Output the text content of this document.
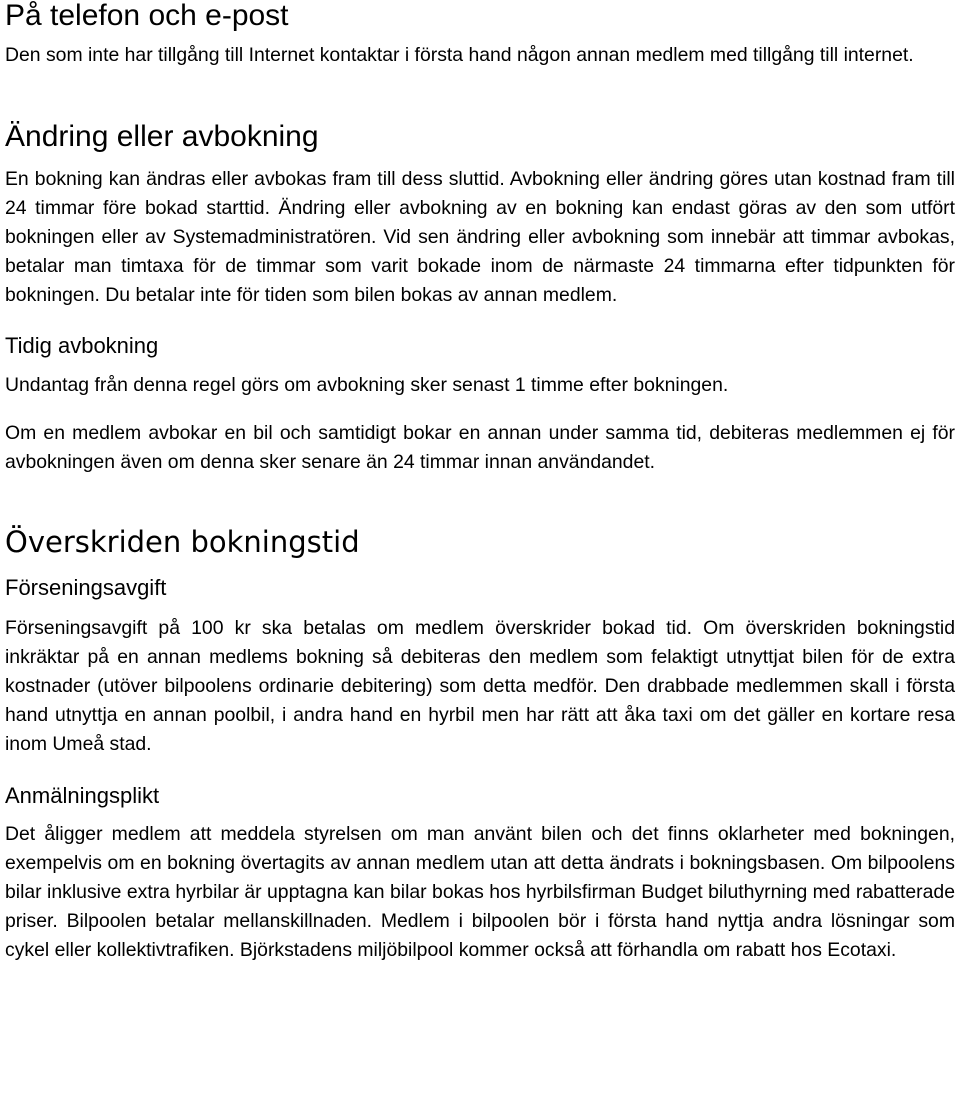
På telefon och e-post

Den som inte har tillgång till Internet kontaktar i första hand någon annan medlem med tillgång till internet.

Ändring eller avbokning

En bokning kan ändras eller avbokas fram till dess sluttid. Avbokning eller ändring göres utan kostnad fram till 24 timmar före bokad starttid. Ändring eller avbokning av en bokning kan endast göras av den som utfört bokningen eller av Systemadministratören. Vid sen ändring eller avbokning som innebär att timmar avbokas, betalar man timtaxa för de timmar som varit bokade inom de närmaste 24 timmarna efter tidpunkten för bokningen. Du betalar inte för tiden som bilen bokas av annan medlem.

Tidig avbokning

Undantag från denna regel görs om avbokning sker senast 1 timme efter bokningen.

Om en medlem avbokar en bil och samtidigt bokar en annan under samma tid, debiteras medlemmen ej för avbokningen även om denna sker senare än 24 timmar innan användandet.

Överskriden bokningstid
Förseningsavgift

Förseningsavgift på 100 kr ska betalas om medlem överskrider bokad tid. Om överskriden bokningstid inkräktar på en annan medlems bokning så debiteras den medlem som felaktigt utnyttjat bilen för de extra kostnader (utöver bilpoolens ordinarie debitering) som detta medför. Den drabbade medlemmen skall i första hand utnyttja en annan poolbil, i andra hand en hyrbil men har rätt att åka taxi om det gäller en kortare resa inom Umeå stad.

Anmälningsplikt

Det åligger medlem att meddela styrelsen om man använt bilen och det finns oklarheter med bokningen, exempelvis om en bokning övertagits av annan medlem utan att detta ändrats i bokningsbasen. Om bilpoolens bilar inklusive extra hyrbilar är upptagna kan bilar bokas hos hyrbilsfirman Budget biluthyrning med rabatterade priser. Bilpoolen betalar mellanskillnaden. Medlem i bilpoolen bör i första hand nyttja andra lösningar som cykel eller kollektivtrafiken. Björkstadens miljöbilpool kommer också att förhandla om rabatt hos Ecotaxi.
